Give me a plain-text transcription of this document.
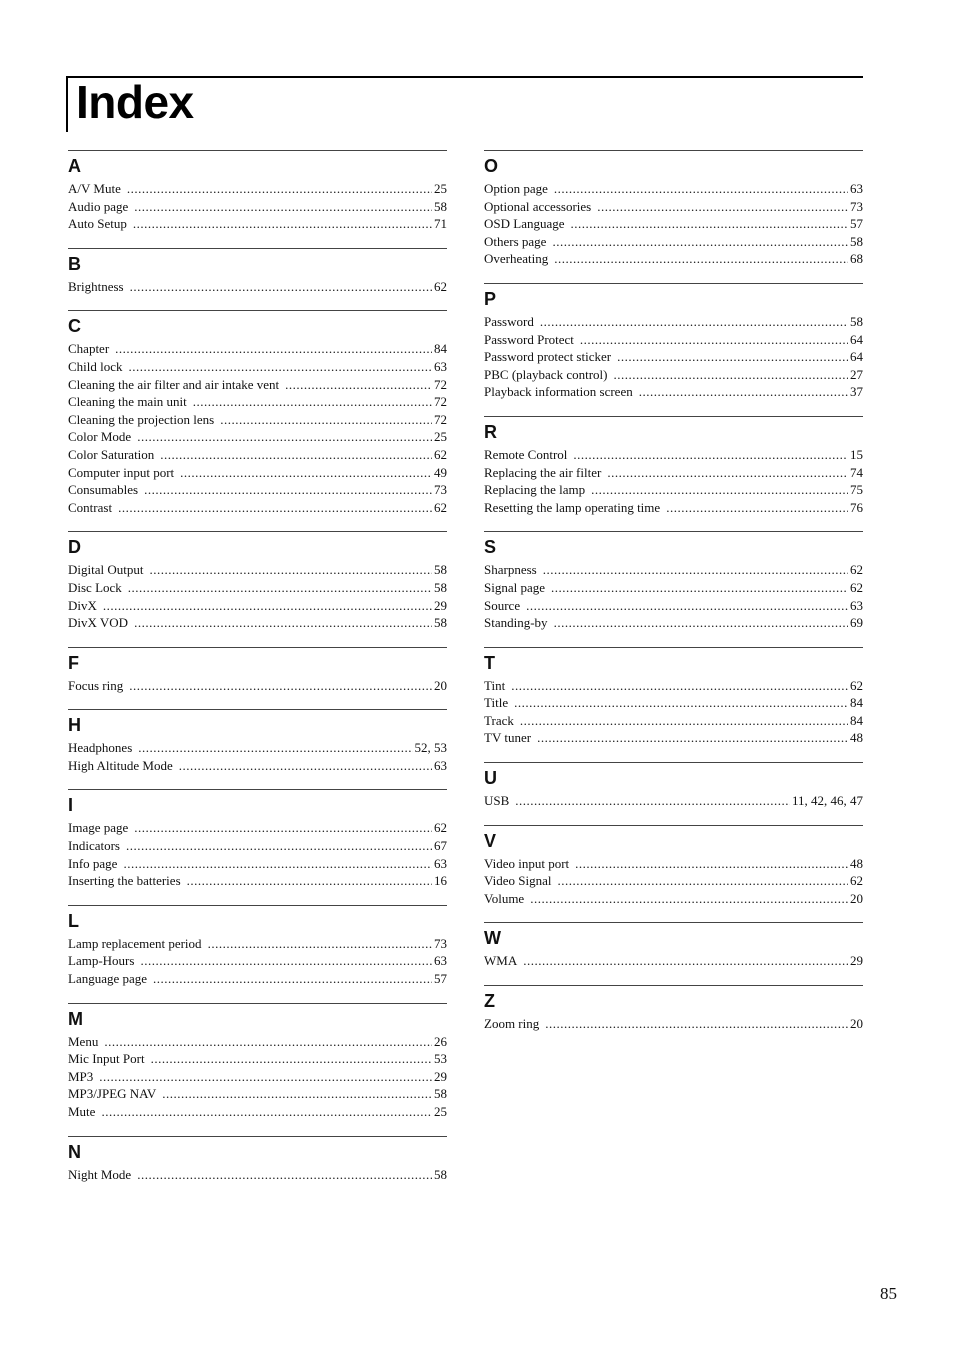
Index
A
A/V Mute .....	25
Audio page .....	58
Auto Setup .....	71
B
Brightness .....	62
C
Chapter .....	84
Child lock .....	63
Cleaning the air filter and air intake vent .....	72
Cleaning the main unit .....	72
Cleaning the projection lens .....	72
Color Mode .....	25
Color Saturation .....	62
Computer input port .....	49
Consumables .....	73
Contrast .....	62
D
Digital Output .....	58
Disc Lock .....	58
DivX .....	29
DivX VOD .....	58
F
Focus ring .....	20
H
Headphones .....	52, 53
High Altitude Mode .....	63
I
Image page .....	62
Indicators .....	67
Info page .....	63
Inserting the batteries .....	16
L
Lamp replacement period .....	73
Lamp-Hours .....	63
Language page .....	57
M
Menu .....	26
Mic Input Port .....	53
MP3 .....	29
MP3/JPEG NAV .....	58
Mute .....	25
N
Night Mode .....	58
O
Option page .....	63
Optional accessories .....	73
OSD Language .....	57
Others page .....	58
Overheating .....	68
P
Password .....	58
Password Protect .....	64
Password protect sticker .....	64
PBC (playback control) .....	27
Playback information screen .....	37
R
Remote Control .....	15
Replacing the air filter .....	74
Replacing the lamp .....	75
Resetting the lamp operating time .....	76
S
Sharpness .....	62
Signal page .....	62
Source .....	63
Standing-by .....	69
T
Tint .....	62
Title .....	84
Track .....	84
TV tuner .....	48
U
USB .....	11, 42, 46, 47
V
Video input port .....	48
Video Signal .....	62
Volume .....	20
W
WMA .....	29
Z
Zoom ring .....	20
85
